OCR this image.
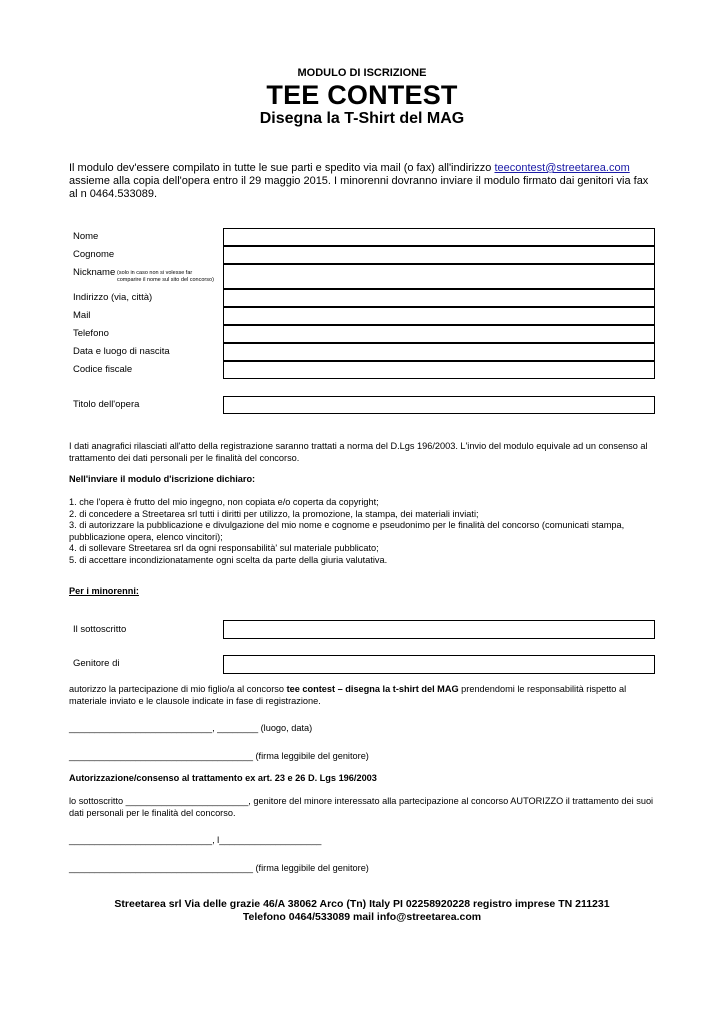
MODULO DI ISCRIZIONE
TEE CONTEST
Disegna la T-Shirt del MAG
Il modulo dev'essere compilato in tutte le sue parti e spedito via mail (o fax) all'indirizzo teecontest@streetarea.com assieme alla copia dell'opera entro il 29 maggio 2015. I minorenni dovranno inviare il modulo firmato dai genitori via fax al n 0464.533089.
Nome
Cognome
Nickname (solo in caso non si volesse far comparire il nome sul sito del concorso)
Indirizzo (via, città)
Mail
Telefono
Data e luogo di nascita
Codice fiscale
Titolo dell'opera
I dati anagrafici rilasciati all'atto della registrazione saranno trattati a norma del D.Lgs 196/2003. L'invio del modulo equivale ad un consenso al trattamento dei dati personali per le finalità del concorso.
Nell'inviare il modulo d'iscrizione dichiaro:
1. che l'opera è frutto del mio ingegno, non copiata e/o coperta da copyright;
2. di concedere a Streetarea srl tutti i diritti per utilizzo, la promozione, la stampa, dei materiali inviati;
3. di autorizzare la pubblicazione e divulgazione del mio nome e cognome e pseudonimo per le finalità del concorso (comunicati stampa, pubblicazione opera, elenco vincitori);
4. di sollevare Streetarea srl da ogni responsabilità' sul materiale pubblicato;
5. di accettare incondizionatamente ogni scelta da parte della giuria valutativa.
Per i minorenni:
Il sottoscritto
Genitore di
autorizzo la partecipazione di mio figlio/a al concorso tee contest – disegna la t-shirt del MAG prendendomi le responsabilità rispetto al materiale inviato e le clausole indicate in fase di registrazione.
____________________________, ________ (luogo, data)
____________________________________ (firma leggibile del genitore)
Autorizzazione/consenso al trattamento ex art. 23 e 26 D. Lgs 196/2003
lo sottoscritto ________________________, genitore del minore interessato alla partecipazione al concorso AUTORIZZO il trattamento dei suoi dati personali per le finalità del concorso.
____________________________, l____________________
____________________________________ (firma leggibile del genitore)
Streetarea srl Via delle grazie 46/A 38062 Arco (Tn) Italy PI 02258920228 registro imprese TN 211231
Telefono 0464/533089 mail info@streetarea.com
